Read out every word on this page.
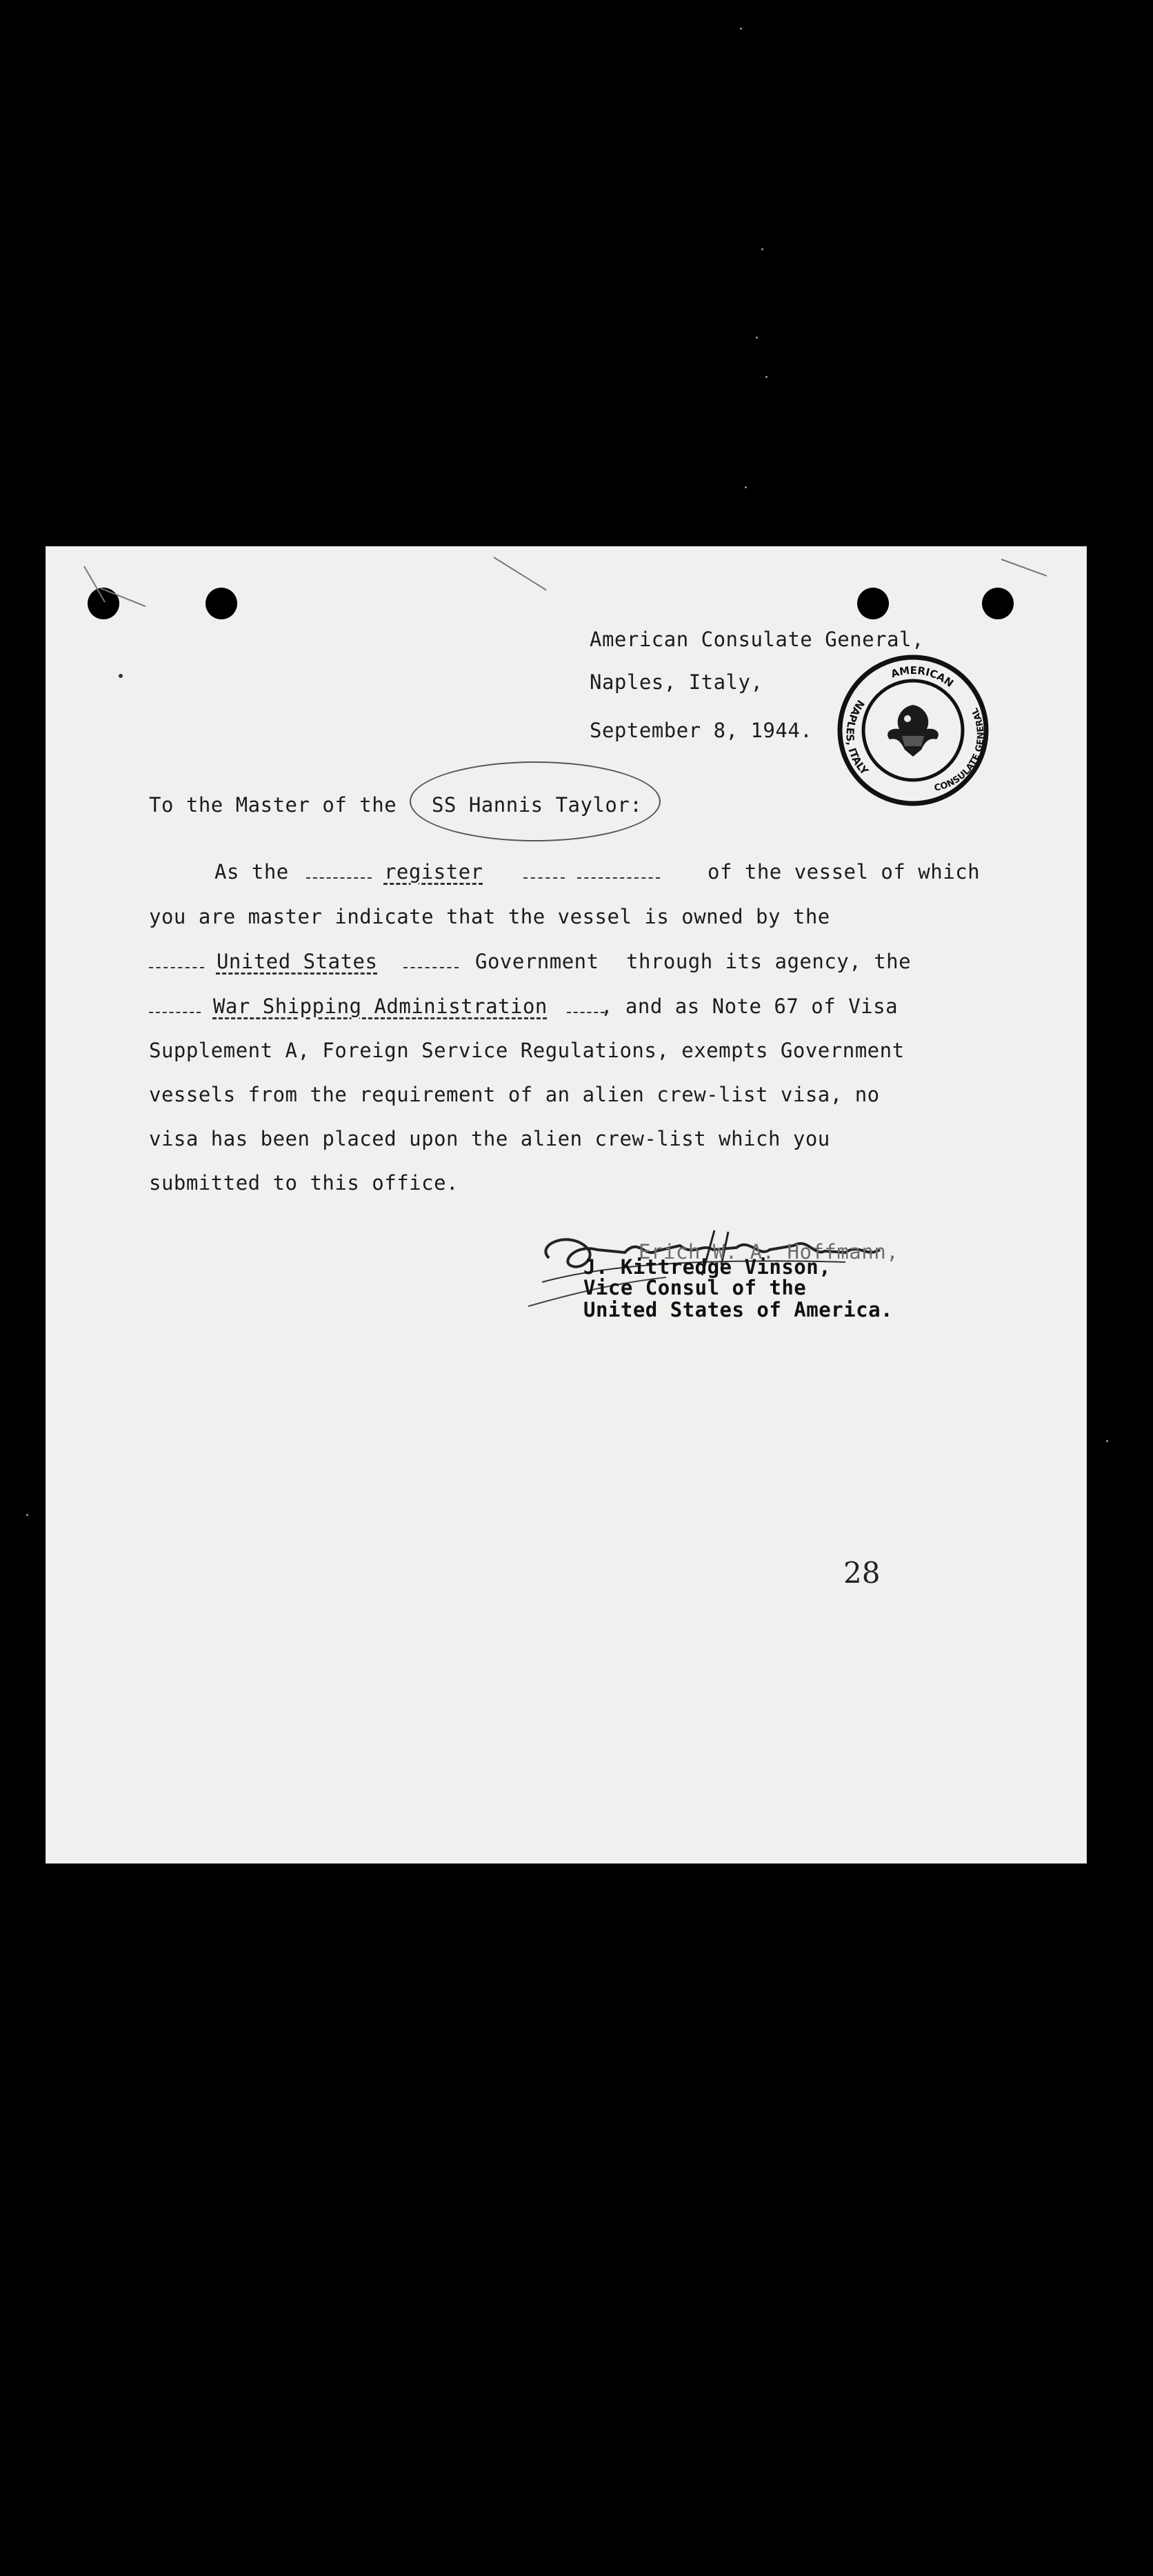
American Consulate General,
Naples, Italy,
September 8, 1944.
To the Master of the SS Hannis Taylor:
As the	register	of the vessel of which
you are master indicate that the vessel is owned by the
United States	Government through its agency, the
War Shipping Administration	, and as Note 67 of Visa
Supplement A, Foreign Service Regulations, exempts Government
vessels from the requirement of an alien crew-list visa, no
visa has been placed upon the alien crew-list which you
submitted to this office.
Erich W. A. Hoffmann,
J. Kittredge Vinson,
Vice Consul of the
United States of America.
28
AMERICAN
NAPLES, ITALY
CONSULATE GENERAL
